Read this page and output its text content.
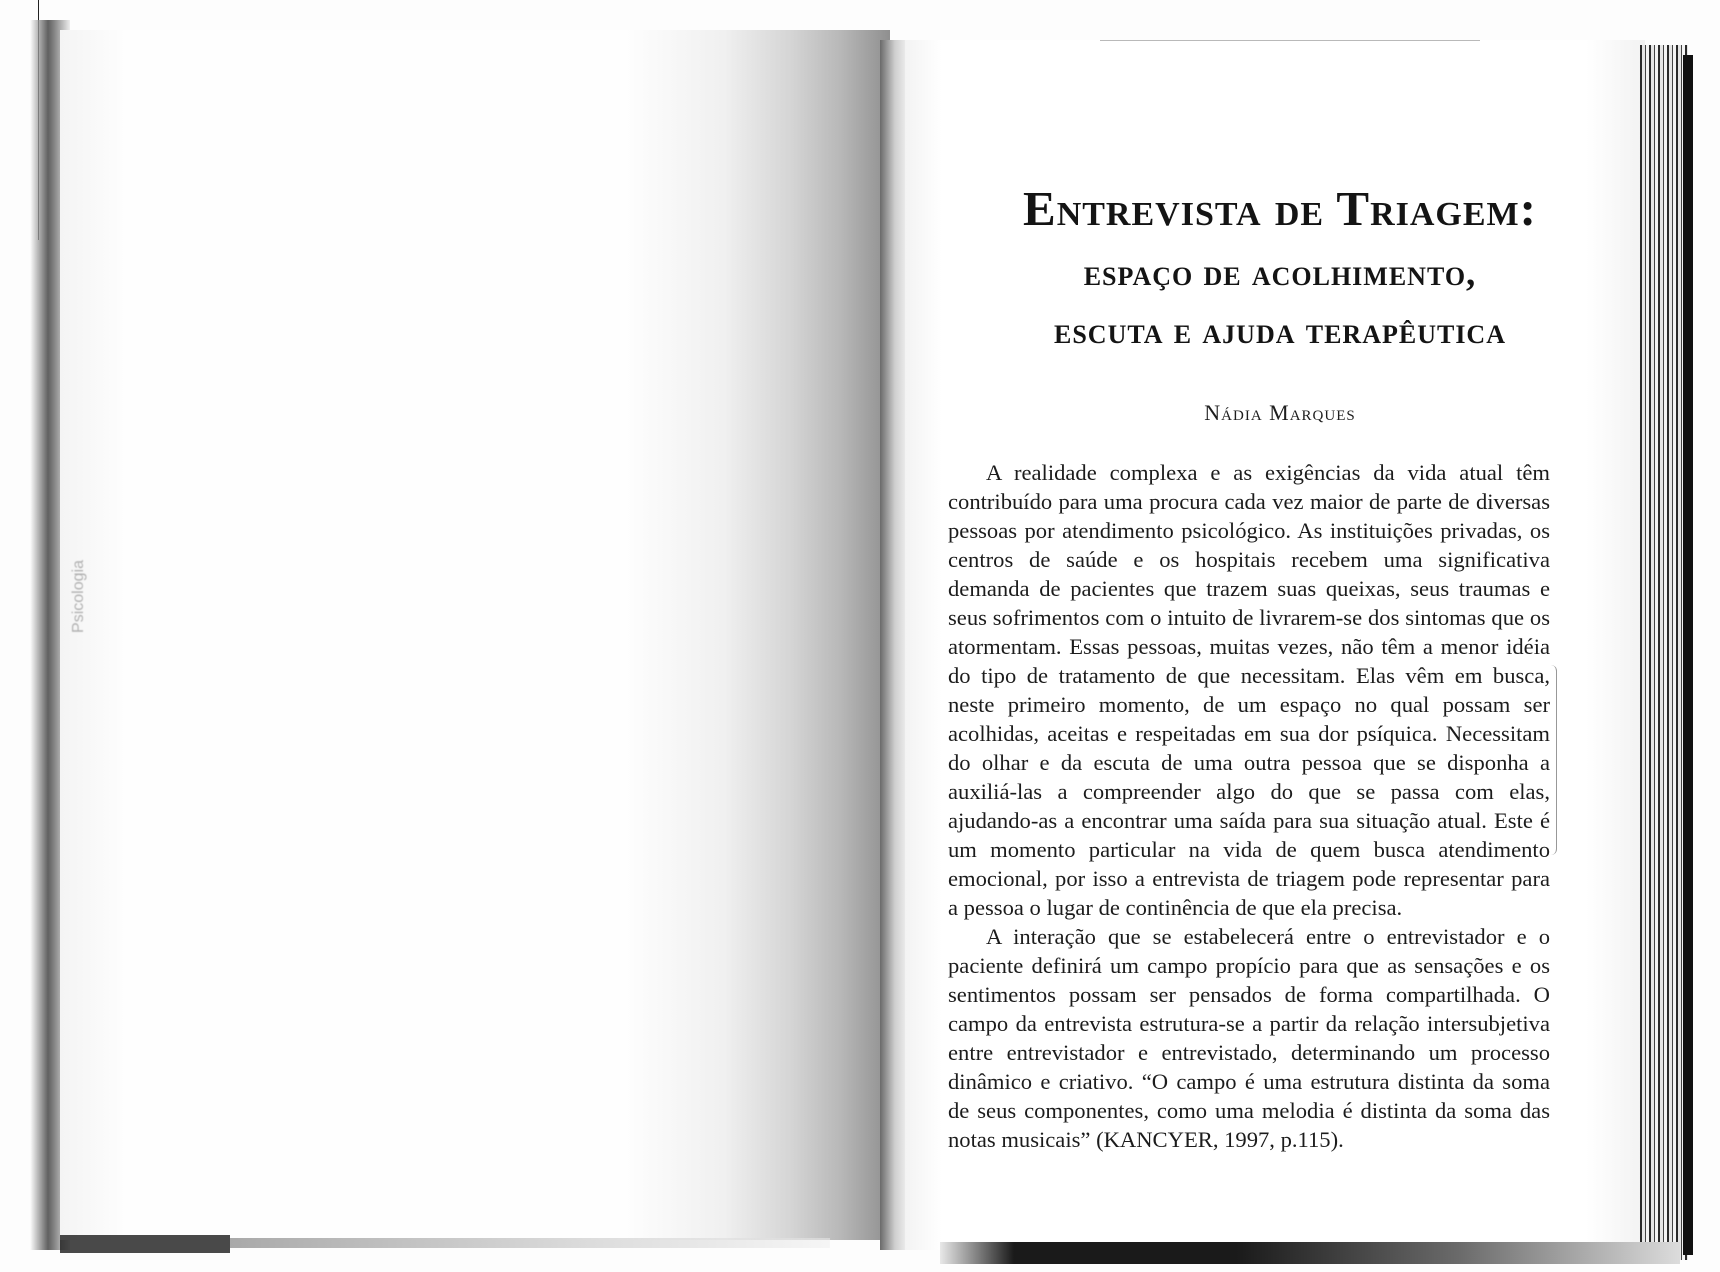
Psicologia
Entrevista de Triagem:
espaço de acolhimento,
escuta e ajuda terapêutica
Nádia Marques

A realidade complexa e as exigências da vida atual têm contribuído para uma procura cada vez maior de parte de diversas pessoas por atendimento psicológico. As instituições privadas, os centros de saúde e os hospitais recebem uma significativa demanda de pacientes que trazem suas queixas, seus traumas e seus sofrimentos com o intuito de livrarem-se dos sintomas que os atormentam. Essas pessoas, muitas vezes, não têm a menor idéia do tipo de tratamento de que necessitam. Elas vêm em busca, neste primeiro momento, de um espaço no qual possam ser acolhidas, aceitas e respeitadas em sua dor psíquica. Necessitam do olhar e da escuta de uma outra pessoa que se disponha a auxiliá-las a compreender algo do que se passa com elas, ajudando-as a encontrar uma saída para sua situação atual. Este é um momento particular na vida de quem busca atendimento emocional, por isso a entrevista de triagem pode representar para a pessoa o lugar de continência de que ela precisa.

A interação que se estabelecerá entre o entrevistador e o paciente definirá um campo propício para que as sensações e os sentimentos possam ser pensados de forma compartilhada. O campo da entrevista estrutura-se a partir da relação intersubjetiva entre entrevistador e entrevistado, determinando um processo dinâmico e criativo. “O campo é uma estrutura distinta da soma de seus componentes, como uma melodia é distinta da soma das notas musicais” (KANCYER, 1997, p.115).
